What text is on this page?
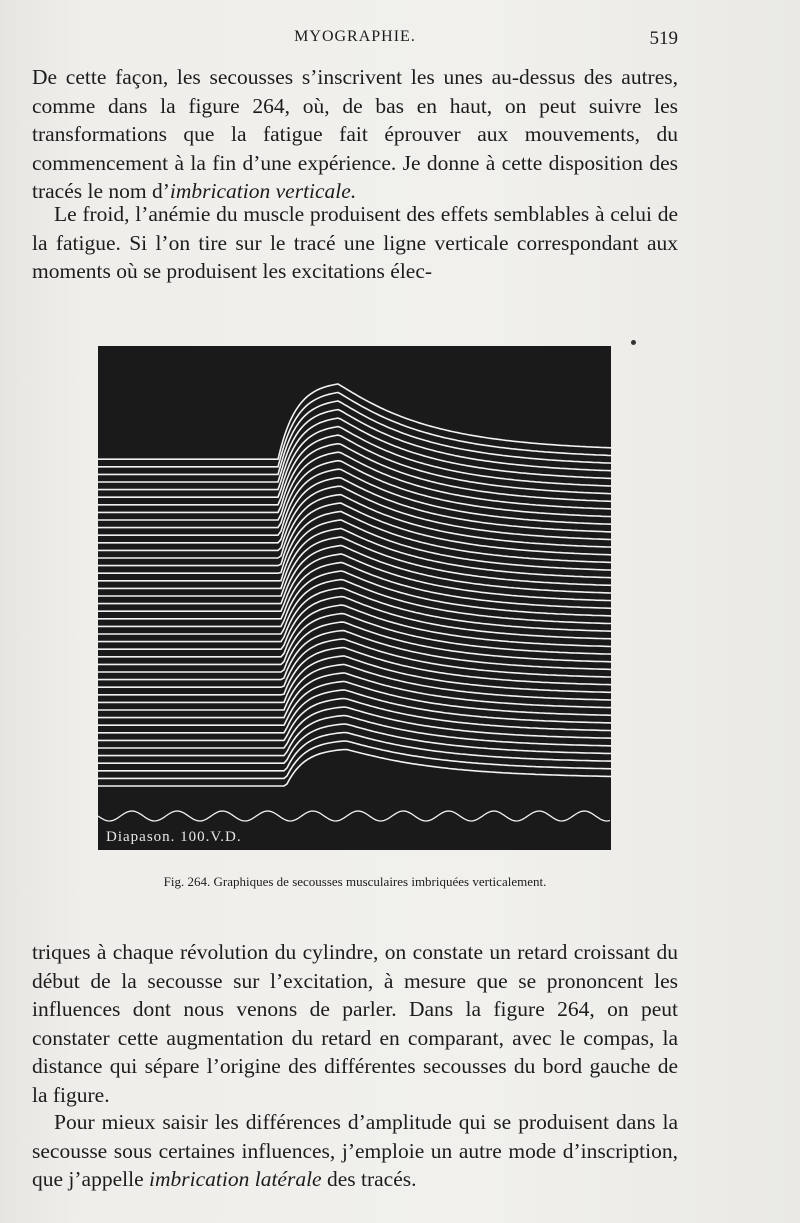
MYOGRAPHIE.	519

De cette façon, les secousses s’inscrivent les unes au-dessus des autres, comme dans la figure 264, où, de bas en haut, on peut suivre les transformations que la fatigue fait éprouver aux mouvements, du commencement à la fin d’une expérience. Je donne à cette disposition des tracés le nom d’imbrication verticale.

Le froid, l’anémie du muscle produisent des effets semblables à celui de la fatigue. Si l’on tire sur le tracé une ligne verticale correspondant aux moments où se produisent les excitations élec-

Diapason. 100.V.D.
Fig. 264. Graphiques de secousses musculaires imbriquées verticalement.

triques à chaque révolution du cylindre, on constate un retard croissant du début de la secousse sur l’excitation, à mesure que se prononcent les influences dont nous venons de parler. Dans la figure 264, on peut constater cette augmentation du retard en comparant, avec le compas, la distance qui sépare l’origine des différentes secousses du bord gauche de la figure.

Pour mieux saisir les différences d’amplitude qui se produisent dans la secousse sous certaines influences, j’emploie un autre mode d’inscription, que j’appelle imbrication latérale des tracés.
